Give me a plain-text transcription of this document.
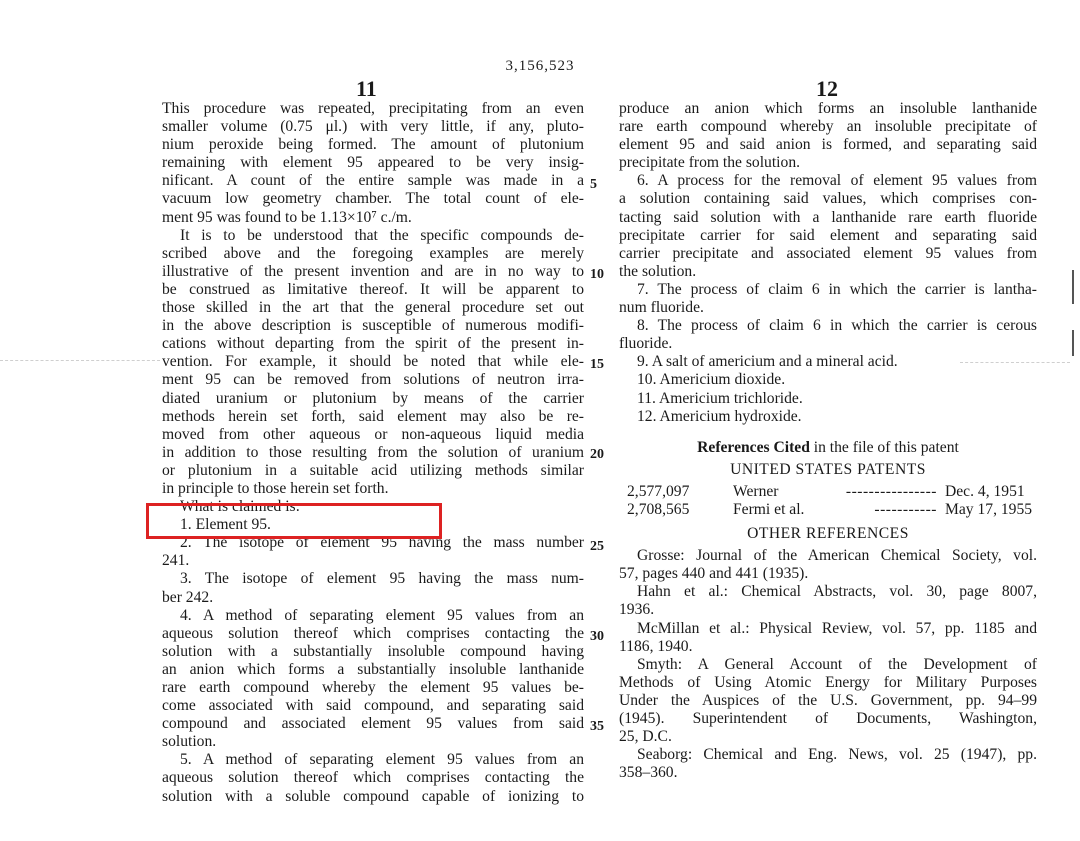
3,156,523
11	12
This procedure was repeated, precipitating from an even
smaller volume (0.75 μl.) with very little, if any, pluto-
nium peroxide being formed. The amount of plutonium
remaining with element 95 appeared to be very insig-
nificant. A count of the entire sample was made in a
vacuum low geometry chamber. The total count of ele-
ment 95 was found to be 1.13×10⁷ c./m.
It is to be understood that the specific compounds de-
scribed above and the foregoing examples are merely
illustrative of the present invention and are in no way to
be construed as limitative thereof. It will be apparent to
those skilled in the art that the general procedure set out
in the above description is susceptible of numerous modifi-
cations without departing from the spirit of the present in-
vention. For example, it should be noted that while ele-
ment 95 can be removed from solutions of neutron irra-
diated uranium or plutonium by means of the carrier
methods herein set forth, said element may also be re-
moved from other aqueous or non-aqueous liquid media
in addition to those resulting from the solution of uranium
or plutonium in a suitable acid utilizing methods similar
in principle to those herein set forth.
What is claimed is:
1. Element 95.
2. The isotope of element 95 having the mass number
241.
3. The isotope of element 95 having the mass num-
ber 242.
4. A method of separating element 95 values from an
aqueous solution thereof which comprises contacting the
solution with a substantially insoluble compound having
an anion which forms a substantially insoluble lanthanide
rare earth compound whereby the element 95 values be-
come associated with said compound, and separating said
compound and associated element 95 values from said
solution.
5. A method of separating element 95 values from an
aqueous solution thereof which comprises contacting the
solution with a soluble compound capable of ionizing to
produce an anion which forms an insoluble lanthanide
rare earth compound whereby an insoluble precipitate of
element 95 and said anion is formed, and separating said
precipitate from the solution.
6. A process for the removal of element 95 values from
a solution containing said values, which comprises con-
tacting said solution with a lanthanide rare earth fluoride
precipitate carrier for said element and separating said
carrier precipitate and associated element 95 values from
the solution.
7. The process of claim 6 in which the carrier is lantha-
num fluoride.
8. The process of claim 6 in which the carrier is cerous
fluoride.
9. A salt of americium and a mineral acid.
10. Americium dioxide.
11. Americium trichloride.
12. Americium hydroxide.
References Cited in the file of this patent
UNITED STATES PATENTS
2,577,097	Werner	---------------- Dec. 4, 1951
2,708,565	Fermi et al.	----------- May 17, 1955
OTHER REFERENCES
Grosse: Journal of the American Chemical Society, vol.
57, pages 440 and 441 (1935).
Hahn et al.: Chemical Abstracts, vol. 30, page 8007,
1936.
McMillan et al.: Physical Review, vol. 57, pp. 1185 and
1186, 1940.
Smyth: A General Account of the Development of
Methods of Using Atomic Energy for Military Purposes
Under the Auspices of the U.S. Government, pp. 94–99
(1945). Superintendent of Documents, Washington,
25, D.C.
Seaborg: Chemical and Eng. News, vol. 25 (1947), pp.
358–360.
5
10
15
20
25
30
35
